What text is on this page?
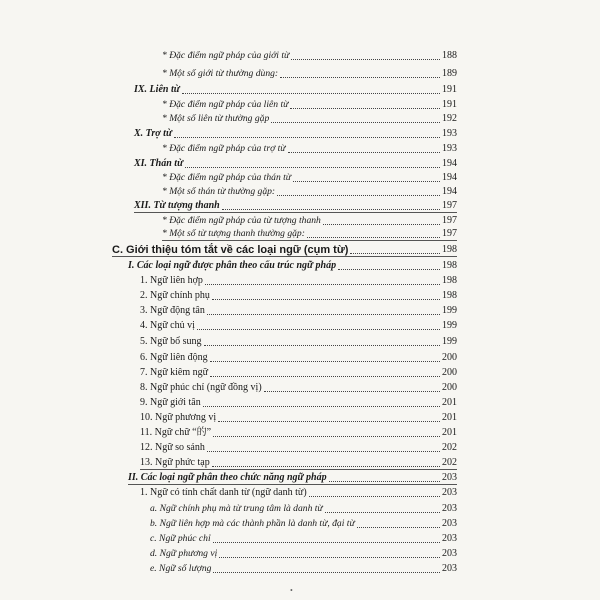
* Đặc điểm ngữ pháp của giới từ	188
* Một số giới từ thường dùng:	189
IX. Liên từ	191
* Đặc điểm ngữ pháp của liên từ	191
* Một số liên từ thường gặp	192
X. Trợ từ	193
* Đặc điểm ngữ pháp của trợ từ	193
XI. Thán từ	194
* Đặc điểm ngữ pháp của thán từ	194
* Một số thán từ thường gặp:	194
XII. Từ tượng thanh	197
* Đặc điểm ngữ pháp của từ tượng thanh	197
* Một số từ tượng thanh thường gặp:	197
C. Giới thiệu tóm tắt về các loại ngữ (cụm từ)	198
I. Các loại ngữ được phân theo cấu trúc ngữ pháp	198
1. Ngữ liên hợp	198
2. Ngữ chính phụ	198
3. Ngữ động tân	199
4. Ngữ chủ vị	199
5. Ngữ bổ sung	199
6. Ngữ liên động	200
7. Ngữ kiêm ngữ	200
8. Ngữ phúc chỉ (ngữ đồng vị)	200
9. Ngữ giới tân	201
10. Ngữ phương vị	201
11. Ngữ chữ “的”	201
12. Ngữ so sánh	202
13. Ngữ phức tạp	202
II. Các loại ngữ phân theo chức năng ngữ pháp	203
1. Ngữ có tính chất danh từ (ngữ danh từ)	203
a. Ngữ chính phụ mà từ trung tâm là danh từ	203
b. Ngữ liên hợp mà các thành phần là danh từ, đại từ	203
c. Ngữ phúc chỉ	203
d. Ngữ phương vị	203
e. Ngữ số lượng	203
•
